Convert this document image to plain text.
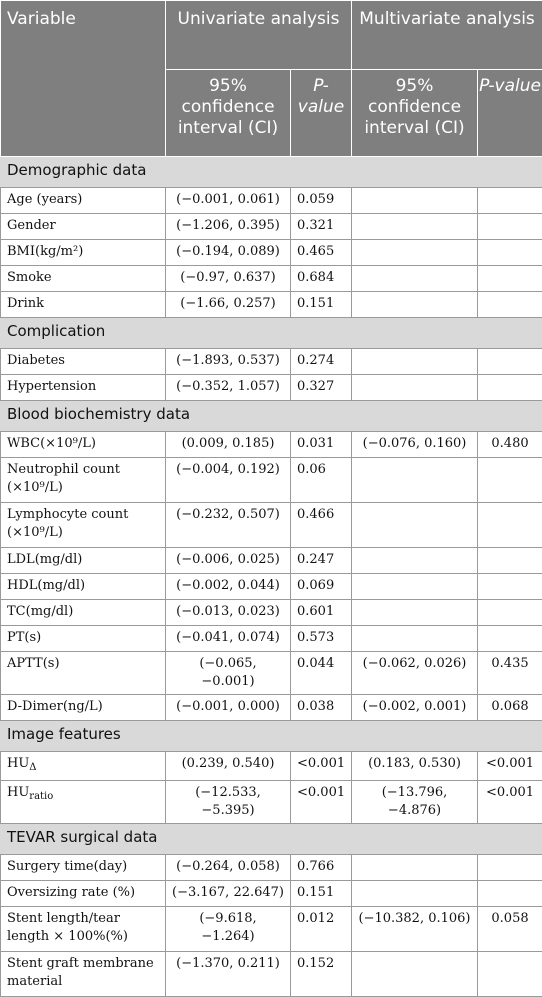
Variable	Univariate analysis		Multivariate analysis	
	95% confidence interval (CI)	P-value	95% confidence interval (CI)	P-value
Demographic data				
Age (years)	(−0.001, 0.061)	0.059		
Gender	(−1.206, 0.395)	0.321		
BMI(kg/m²)	(−0.194, 0.089)	0.465		
Smoke	(−0.97, 0.637)	0.684		
Drink	(−1.66, 0.257)	0.151		
Complication				
Diabetes	(−1.893, 0.537)	0.274		
Hypertension	(−0.352, 1.057)	0.327		
Blood biochemistry data				
WBC(×10⁹/L)	(0.009, 0.185)	0.031	(−0.076, 0.160)	0.480
Neutrophil count (×10⁹/L)	(−0.004, 0.192)	0.06		
Lymphocyte count (×10⁹/L)	(−0.232, 0.507)	0.466		
LDL(mg/dl)	(−0.006, 0.025)	0.247		
HDL(mg/dl)	(−0.002, 0.044)	0.069		
TC(mg/dl)	(−0.013, 0.023)	0.601		
PT(s)	(−0.041, 0.074)	0.573		
APTT(s)	(−0.065, −0.001)	0.044	(−0.062, 0.026)	0.435
D-Dimer(ng/L)	(−0.001, 0.000)	0.038	(−0.002, 0.001)	0.068
Image features				
$HU_\Delta$	(0.239, 0.540)	<0.001	(0.183, 0.530)	<0.001
$HU_{ratio}$	(−12.533, −5.395)	<0.001	(−13.796, −4.876)	<0.001
TEVAR surgical data				
Surgery time(day)	(−0.264, 0.058)	0.766		
Oversizing rate (%)	(−3.167, 22.647)	0.151		
Stent length/tear length × 100%(%)	(−9.618, −1.264)	0.012	(−10.382, 0.106)	0.058
Stent graft membrane material	(−1.370, 0.211)	0.152		
